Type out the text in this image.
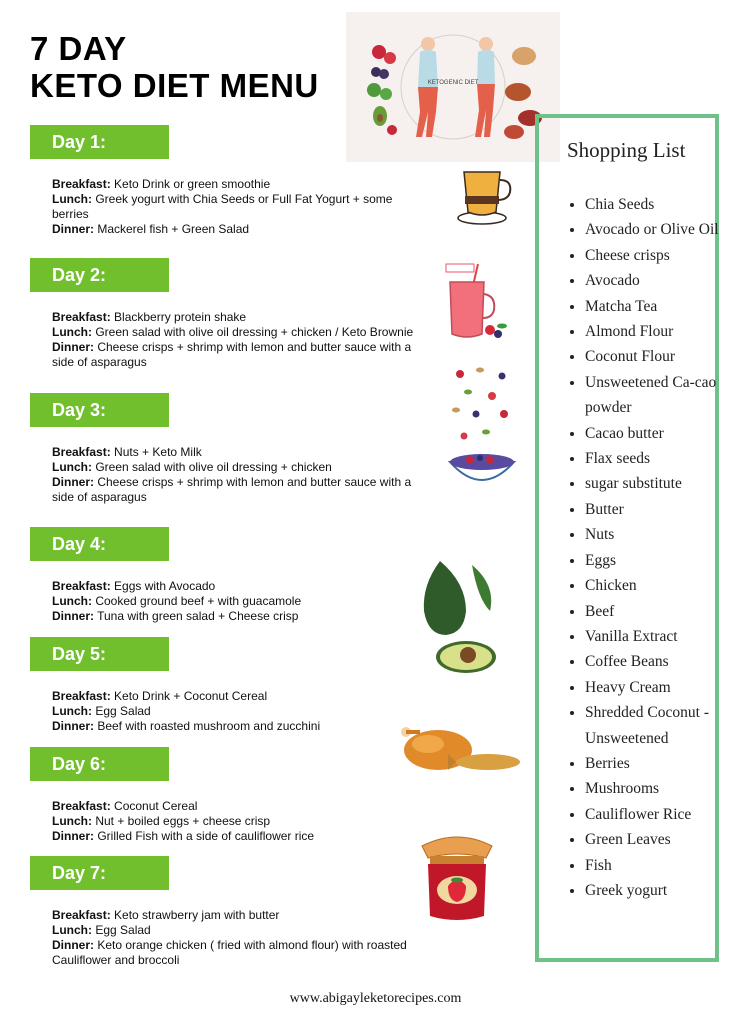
7 DAY
KETO DIET MENU	KETOGENIC DIET
Day 1:
Breakfast: Keto Drink or green smoothie
Lunch: Greek yogurt with Chia Seeds or Full Fat Yogurt + some berries
Dinner: Mackerel fish + Green Salad
Day 2:
Breakfast: Blackberry protein shake
Lunch: Green salad with olive oil dressing + chicken / Keto Brownie
Dinner: Cheese crisps + shrimp with lemon and butter sauce with a side of asparagus
Day 3:
Breakfast: Nuts + Keto Milk
Lunch: Green salad with olive oil dressing + chicken
Dinner: Cheese crisps + shrimp with lemon and butter sauce with a side of asparagus
Day 4:
Breakfast: Eggs with Avocado
Lunch: Cooked ground beef + with guacamole
Dinner: Tuna with green salad + Cheese crisp
Day 5:
Breakfast: Keto Drink + Coconut Cereal
Lunch: Egg Salad
Dinner: Beef with roasted mushroom and zucchini
Day 6:
Breakfast: Coconut Cereal
Lunch: Nut + boiled eggs + cheese crisp
Dinner: Grilled Fish with a side of cauliflower rice
Day 7:
Breakfast: Keto strawberry jam with butter
Lunch: Egg Salad
Dinner: Keto orange chicken ( fried with almond flour) with roasted Cauliflower and broccoli
Shopping List
• Chia Seeds
• Avocado or Olive Oil
• Cheese crisps
• Avocado
• Matcha Tea
• Almond Flour
• Coconut Flour
• Unsweetened Ca-cao powder
• Cacao butter
• Flax seeds
• sugar substitute
• Butter
• Nuts
• Eggs
• Chicken
• Beef
• Vanilla Extract
• Coffee Beans
• Heavy Cream
• Shredded Coconut - Unsweetened
• Berries
• Mushrooms
• Cauliflower Rice
• Green Leaves
• Fish
• Greek yogurt
www.abigayleketorecipes.com
